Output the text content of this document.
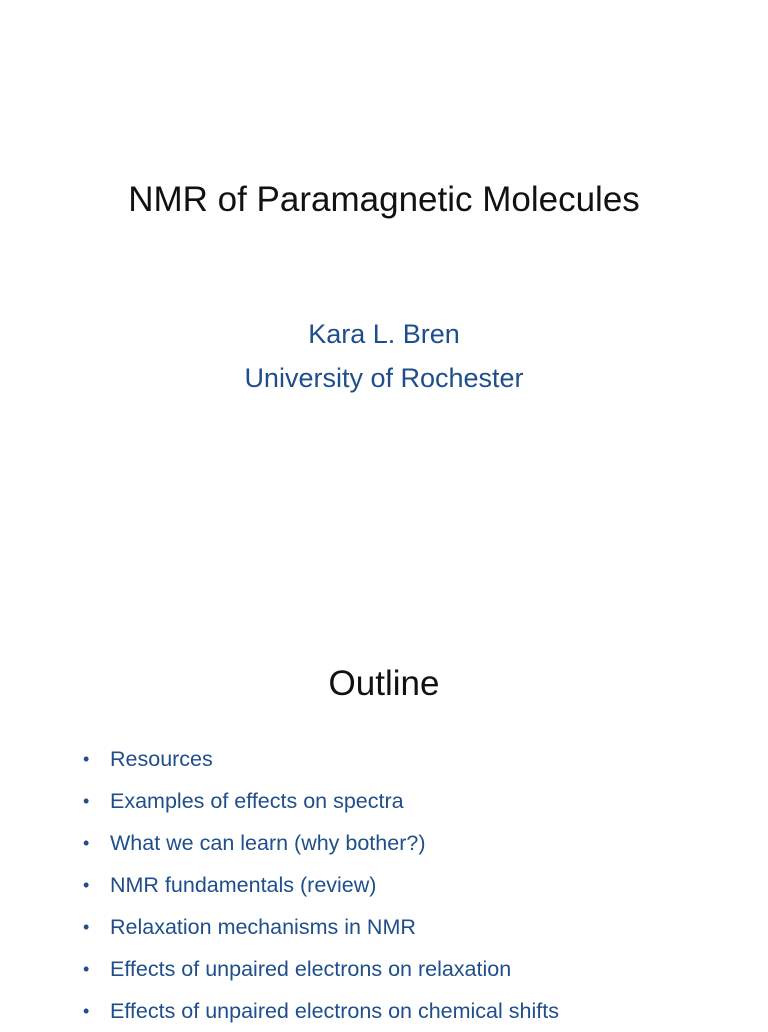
NMR of Paramagnetic Molecules
Kara L. Bren
University of Rochester
Outline
• Resources
• Examples of effects on spectra
• What we can learn (why bother?)
• NMR fundamentals (review)
• Relaxation mechanisms in NMR
• Effects of unpaired electrons on relaxation
• Effects of unpaired electrons on chemical shifts
